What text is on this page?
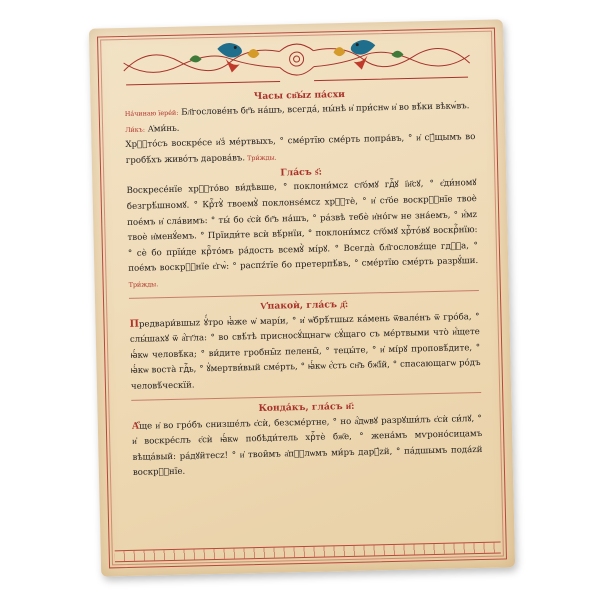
Часы св҃ы́z па́схи

На́чинаю їере́й: Бл҃гослове́нъ бг҃ъ на́шъ, всегда́, ны́нѣ и҆ при́снѡ и҆ во вѣ́ки вѣкѡ́въ.

Ли́къ: А҆ми́нь.

Хрⷭ҇то́съ воскре́се и҆з̾ ме́ртвыхъ, ° сме́ртїю сме́рть попра́въ, ° и҆ сꙋ́щымъ во гробѣ́хъ живо́тъ дарова́въ. Три́жды.

Гла́съ ѕ҃:

Воскресе́нїе хрⷭ҇то́во ви́дѣвше, ° поклони́мсz ст҃о́мꙋ гдⷭ҇ꙋ і҆и҃сꙋ, ° є҆ди́номꙋ безгрѣ́шномꙋ. ° Крⷭ҇тꙋ̀ твоемꙋ̀ поклонsе́мсz хрⷭ҇тѐ, ° и҆ ст҃о́е воскрⷭ҇нїе твоѐ пое́мъ и҆ сла́вимъ: ° ты́ бо є҆сѝ бг҃ъ на́шъ, ° ра́звѣ тебѐ и҆но́гѡ не зна́емъ, ° и҆́мz твоѐ и҆менꙋ́емъ. ° Прїиди́те всѝ вѣ́рнїи, ° поклони́мсz ст҃о́мꙋ хрⷭ҇то́вꙋ воскрⷭ҇нїю: ° сѐ бо прїи́де крⷭ҇то́мъ ра́дость всемꙋ̀ мі́рꙋ. ° Всегда̀ бл҃гословźще гдⷭ҇а, ° пое́мъ воскрⷭ҇нїе є҆гѡ̀: ° распźтїе бо претерпѣ́въ, ° сме́ртїю сме́рть разрꙋ́ши. Три́жды.

Ѵ҆пакоѝ, гла́съ д҃:

Предвари́вшыz ꙋ҆́тро ꙗ҆̀же ѡ҆ марі́и, ° и҆ ѡ҆брѣ́тшыz ка́мень ѿвале́нъ ѿ гро́ба, ° слы́шахꙋ ѿ а҆́гг҃ла: ° во свѣ́тѣ присносꙋ́щнагѡ сꙋ́щаго съ ме́ртвыми что̀ и҆́щете ꙗ҆́кѡ человѣ́ка; ° ви́дите гробны̑z пелены̑, ° тецы́те, ° и҆ мі́рꙋ проповѣ́дите, ° ꙗ҆́кѡ воста̀ гдⷭ҇ь, ° ꙋ҆мертви́вый сме́рть, ° ꙗ҆́кѡ є҆́сть сн҃ъ бж҃їй, ° спасающагѡ ро́дъ человѣ́ческїй.

Конда́къ, гла́съ и҃:

А҆́ще и҆ во гро́бъ снизше́лъ є҆сѝ, безсме́ртне, ° но а҆́дѡвꙋ разрꙋши́лъ є҆сѝ си́лꙋ, ° и҆ воскре́слъ є҆сѝ ꙗ҆́кѡ побѣди́тель хрⷭ҇тѐ бж҃е, ° жена́мъ мѵроно́сицамъ вѣща́вый: ра́дꙋйтесz! ° и҆ твои̑мъ а҆пⷭ҇лѡмъ ми́ръ дарꙋ́zй, ° па́дшымъ пода́zй воскрⷭ҇нїе.
